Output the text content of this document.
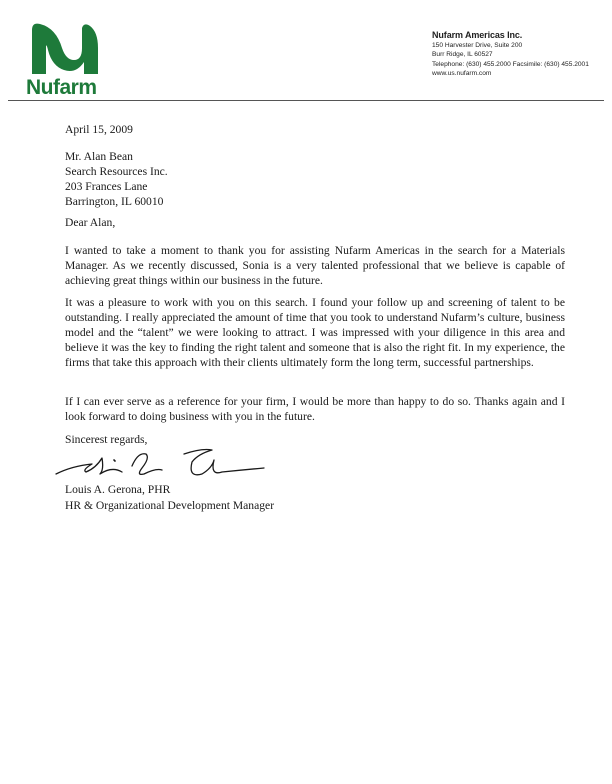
Nufarm
Nufarm Americas Inc.
150 Harvester Drive, Suite 200
Burr Ridge, IL 60527
Telephone: (630) 455.2000 Facsimile: (630) 455.2001
www.us.nufarm.com
April 15, 2009
Mr. Alan Bean
Search Resources Inc.
203 Frances Lane
Barrington, IL 60010
Dear Alan,
I wanted to take a moment to thank you for assisting Nufarm Americas in the search for a Materials Manager. As we recently discussed, Sonia is a very talented professional that we believe is capable of achieving great things within our business in the future.
It was a pleasure to work with you on this search. I found your follow up and screening of talent to be outstanding. I really appreciated the amount of time that you took to understand Nufarm’s culture, business model and the “talent” we were looking to attract. I was impressed with your diligence in this area and believe it was the key to finding the right talent and someone that is also the right fit. In my experience, the firms that take this approach with their clients ultimately form the long term, successful partnerships.
If I can ever serve as a reference for your firm, I would be more than happy to do so. Thanks again and I look forward to doing business with you in the future.
Sincerest regards,
Louis A. Gerona, PHR
HR & Organizational Development Manager
